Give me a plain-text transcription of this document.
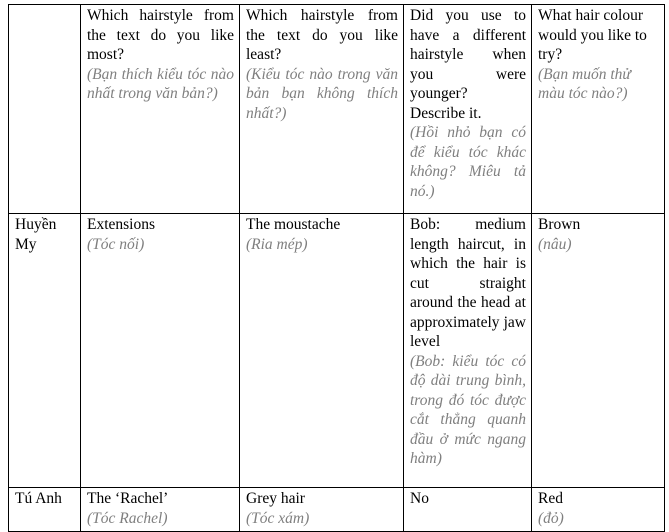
	Which hairstyle from the text do you like most?
(Bạn thích kiểu tóc nào nhất trong văn bản?)	Which hairstyle from the text do you like least?
(Kiểu tóc nào trong văn bản bạn không thích nhất?)	Did you use to have a different hairstyle when you were younger? Describe it.
(Hồi nhỏ bạn có để kiểu tóc khác không? Miêu tả nó.)	What hair colour would you like to try?
(Bạn muốn thử màu tóc nào?)

Huyền My	Extensions
(Tóc nối)	The moustache
(Ria mép)	Bob: medium length haircut, in which the hair is cut straight around the head at approximately jaw level
(Bob: kiểu tóc có độ dài trung bình, trong đó tóc được cắt thẳng quanh đầu ở mức ngang hàm)	Brown
(nâu)

Tú Anh	The ‘Rachel’
(Tóc Rachel)	Grey hair
(Tóc xám)	No	Red
(đỏ)
